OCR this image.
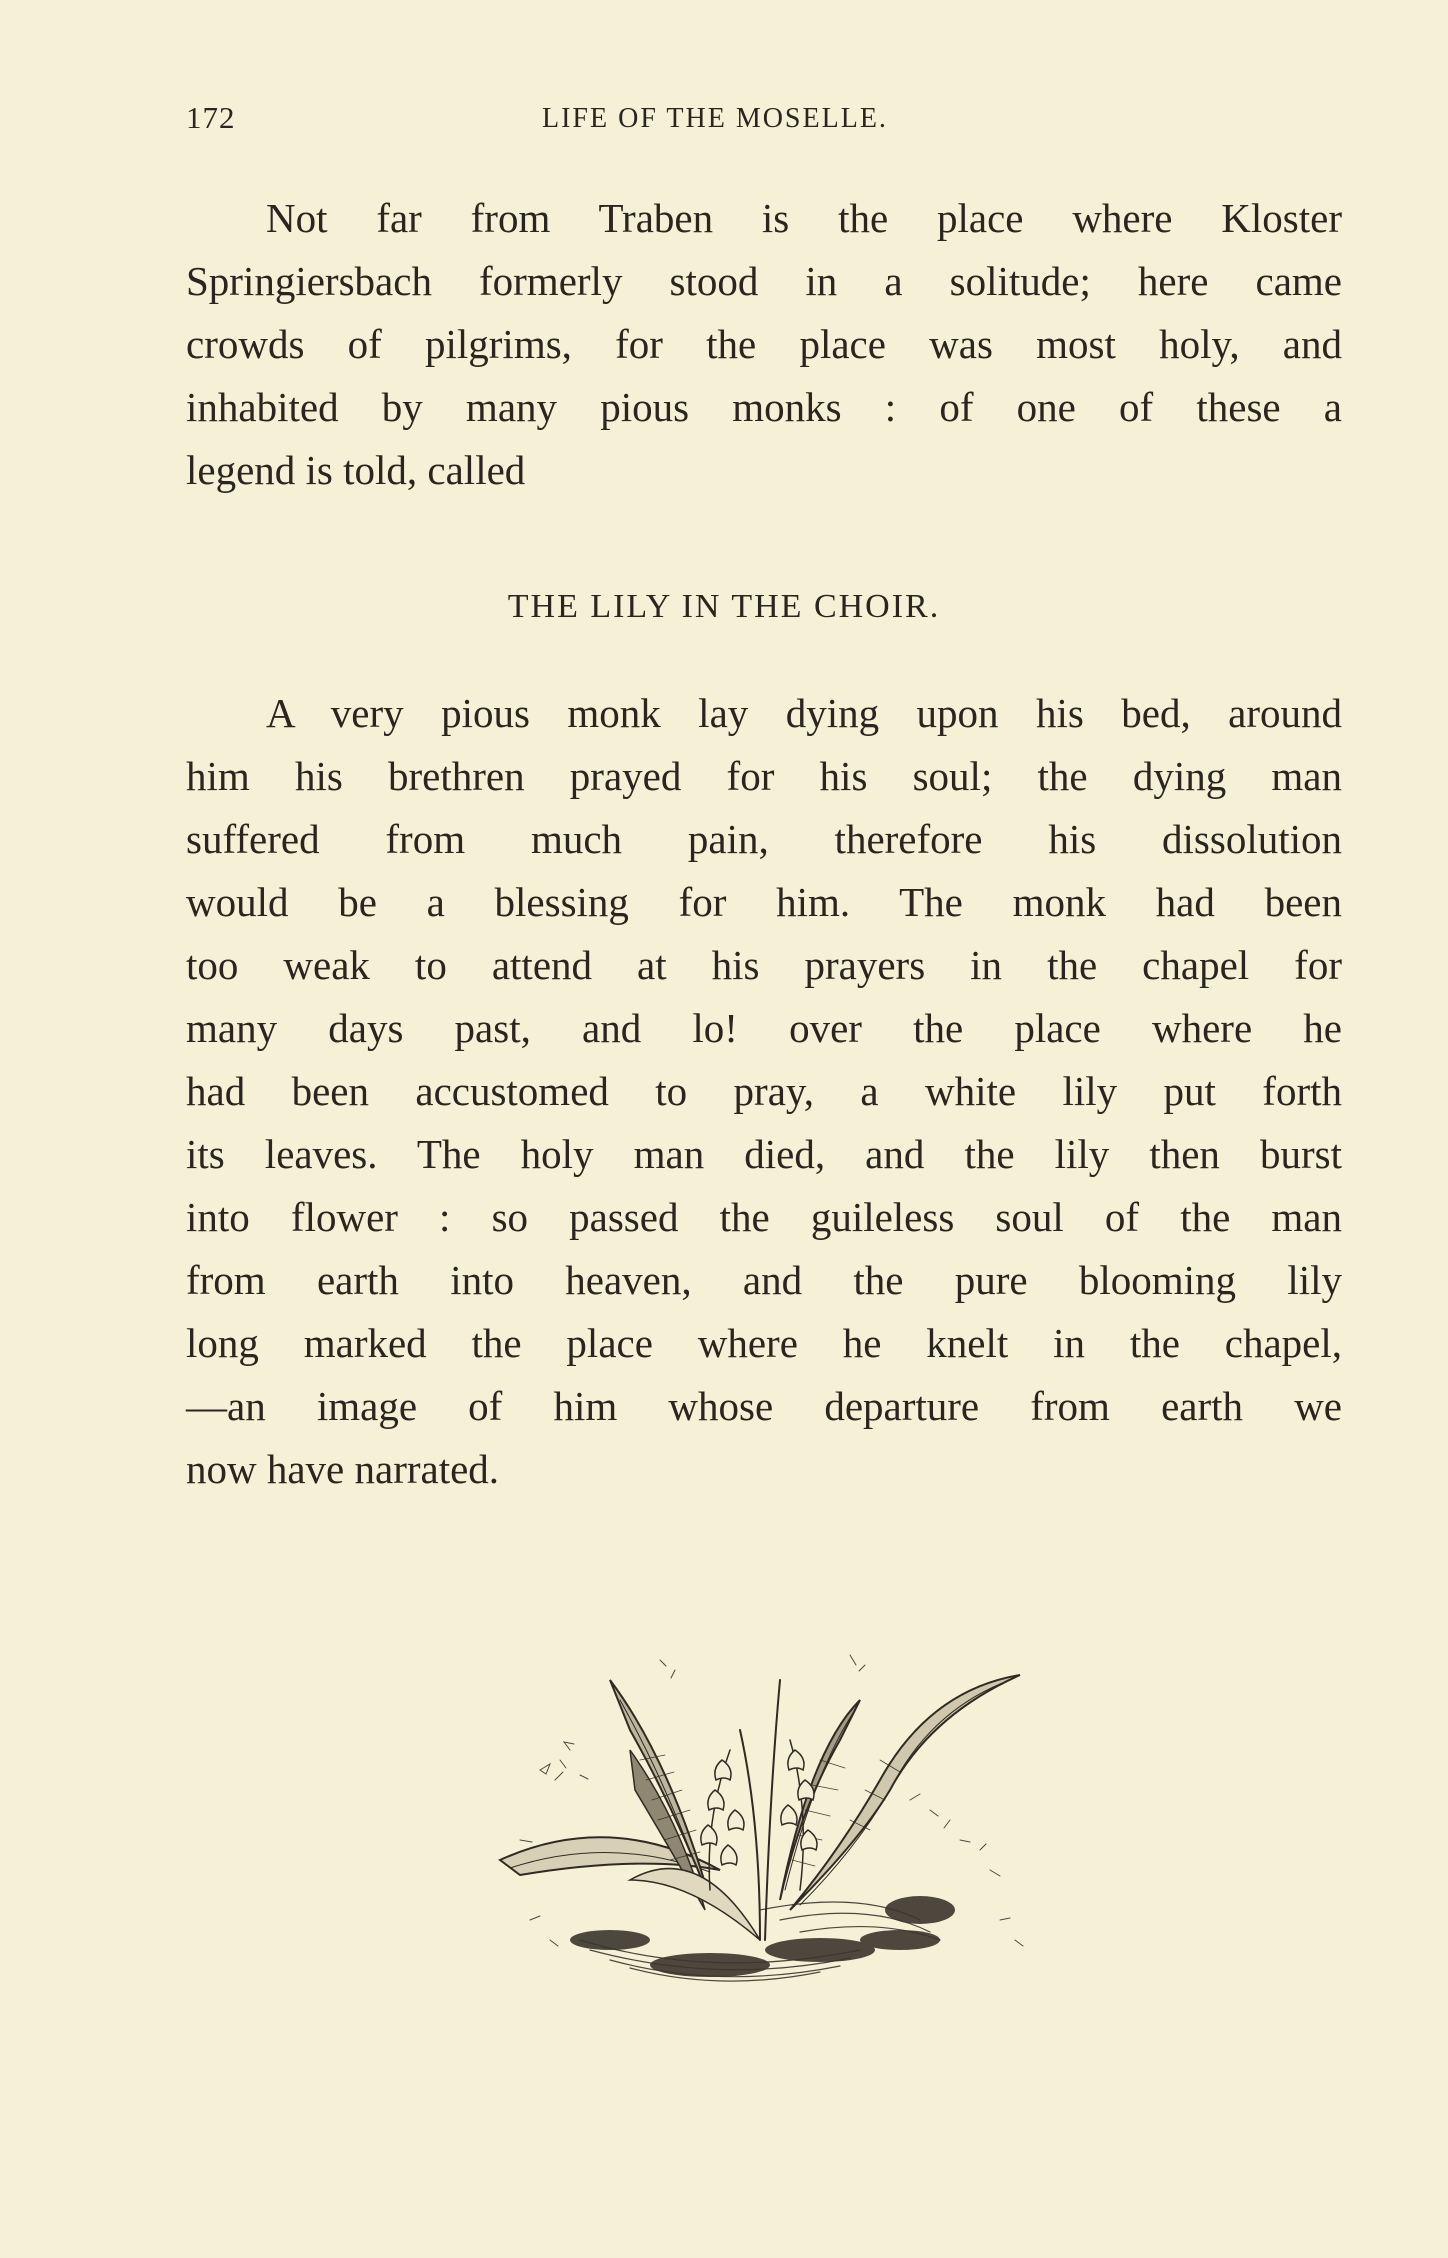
172	LIFE OF THE MOSELLE.
Not far from Traben is the place where Kloster
Springiersbach formerly stood in a solitude; here came
crowds of pilgrims, for the place was most holy, and
inhabited by many pious monks : of one of these a
legend is told, called
THE LILY IN THE CHOIR.
A very pious monk lay dying upon his bed, around
him his brethren prayed for his soul; the dying man
suffered from much pain, therefore his dissolution
would be a blessing for him. The monk had been
too weak to attend at his prayers in the chapel for
many days past, and lo! over the place where he
had been accustomed to pray, a white lily put forth
its leaves. The holy man died, and the lily then burst
into flower : so passed the guileless soul of the man
from earth into heaven, and the pure blooming lily
long marked the place where he knelt in the chapel,
—an image of him whose departure from earth we
now have narrated.
